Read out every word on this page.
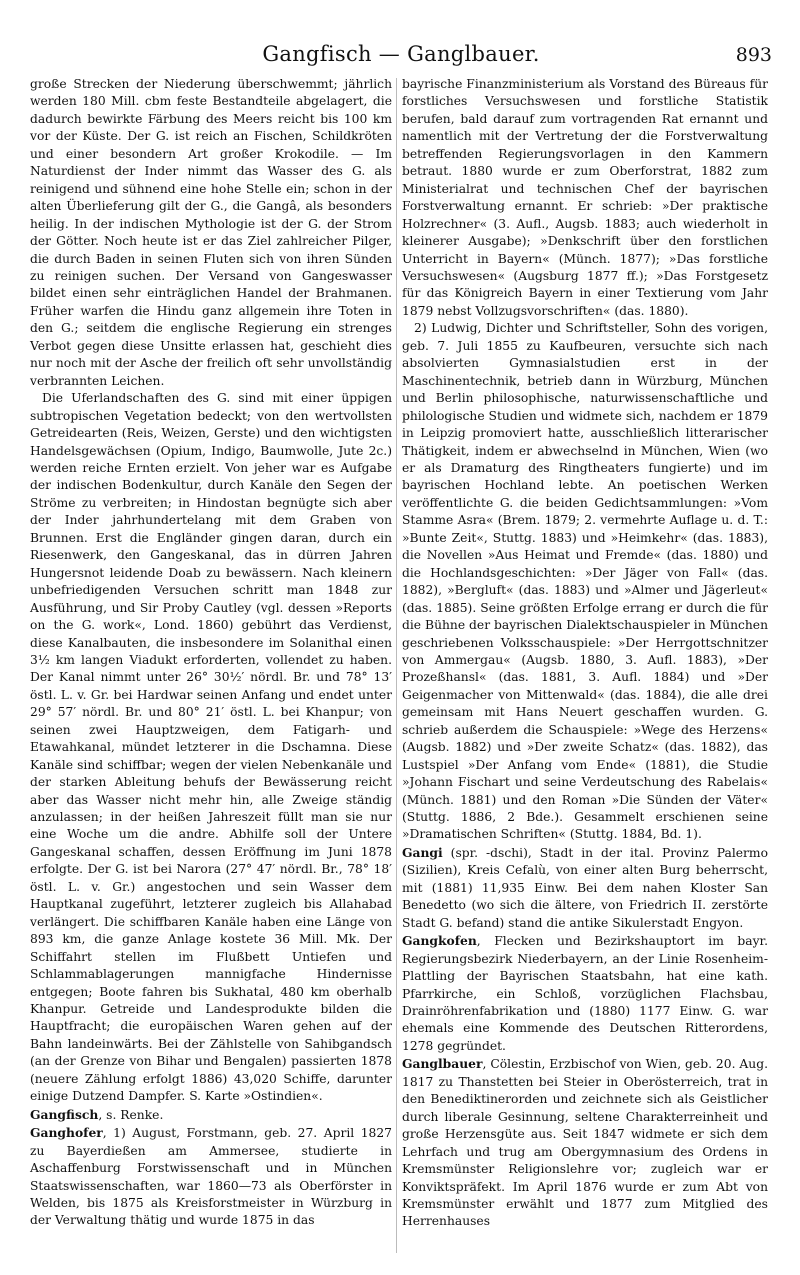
Gangfisch — Ganglbauer.	893

große Strecken der Niederung überschwemmt; jährlich werden 180 Mill. cbm feste Bestandteile abgelagert, die dadurch bewirkte Färbung des Meers reicht bis 100 km vor der Küste. Der G. ist reich an Fischen, Schildkröten und einer besondern Art großer Krokodile. — Im Naturdienst der Inder nimmt das Wasser des G. als reinigend und sühnend eine hohe Stelle ein; schon in der alten Überlieferung gilt der G., die Gangâ, als besonders heilig. In der indischen Mythologie ist der G. der Strom der Götter. Noch heute ist er das Ziel zahlreicher Pilger, die durch Baden in seinen Fluten sich von ihren Sünden zu reinigen suchen. Der Versand von Gangeswasser bildet einen sehr einträglichen Handel der Brahmanen. Früher warfen die Hindu ganz allgemein ihre Toten in den G.; seitdem die englische Regierung ein strenges Verbot gegen diese Unsitte erlassen hat, geschieht dies nur noch mit der Asche der freilich oft sehr unvollständig verbrannten Leichen.

Die Uferlandschaften des G. sind mit einer üppigen subtropischen Vegetation bedeckt; von den wertvollsten Getreidearten (Reis, Weizen, Gerste) und den wichtigsten Handelsgewächsen (Opium, Indigo, Baumwolle, Jute 2c.) werden reiche Ernten erzielt. Von jeher war es Aufgabe der indischen Bodenkultur, durch Kanäle den Segen der Ströme zu verbreiten; in Hindostan begnügte sich aber der Inder jahrhundertelang mit dem Graben von Brunnen. Erst die Engländer gingen daran, durch ein Riesenwerk, den Gangeskanal, das in dürren Jahren Hungersnot leidende Doab zu bewässern. Nach kleinern unbefriedigenden Versuchen schritt man 1848 zur Ausführung, und Sir Proby Cautley (vgl. dessen »Reports on the G. work«, Lond. 1860) gebührt das Verdienst, diese Kanalbauten, die insbesondere im Solanithal einen 3½ km langen Viadukt erforderten, vollendet zu haben. Der Kanal nimmt unter 26° 30½′ nördl. Br. und 78° 13′ östl. L. v. Gr. bei Hardwar seinen Anfang und endet unter 29° 57′ nördl. Br. und 80° 21′ östl. L. bei Khanpur; von seinen zwei Hauptzweigen, dem Fatigarh- und Etawahkanal, mündet letzterer in die Dschamna. Diese Kanäle sind schiffbar; wegen der vielen Nebenkanäle und der starken Ableitung behufs der Bewässerung reicht aber das Wasser nicht mehr hin, alle Zweige ständig anzulassen; in der heißen Jahreszeit füllt man sie nur eine Woche um die andre. Abhilfe soll der Untere Gangeskanal schaffen, dessen Eröffnung im Juni 1878 erfolgte. Der G. ist bei Narora (27° 47′ nördl. Br., 78° 18′ östl. L. v. Gr.) angestochen und sein Wasser dem Hauptkanal zugeführt, letzterer zugleich bis Allahabad verlängert. Die schiffbaren Kanäle haben eine Länge von 893 km, die ganze Anlage kostete 36 Mill. Mk. Der Schiffahrt stellen im Flußbett Untiefen und Schlammablagerungen mannigfache Hindernisse entgegen; Boote fahren bis Sukhatal, 480 km oberhalb Khanpur. Getreide und Landesprodukte bilden die Hauptfracht; die europäischen Waren gehen auf der Bahn landeinwärts. Bei der Zählstelle von Sahibgandsch (an der Grenze von Bihar und Bengalen) passierten 1878 (neuere Zählung erfolgt 1886) 43,020 Schiffe, darunter einige Dutzend Dampfer. S. Karte »Ostindien«.

Gangfisch, s. Renke.

Ganghofer, 1) August, Forstmann, geb. 27. April 1827 zu Bayerdießen am Ammersee, studierte in Aschaffenburg Forstwissenschaft und in München Staatswissenschaften, war 1860—73 als Oberförster in Welden, bis 1875 als Kreisforstmeister in Würzburg in der Verwaltung thätig und wurde 1875 in das

bayrische Finanzministerium als Vorstand des Büreaus für forstliches Versuchswesen und forstliche Statistik berufen, bald darauf zum vortragenden Rat ernannt und namentlich mit der Vertretung der die Forstverwaltung betreffenden Regierungsvorlagen in den Kammern betraut. 1880 wurde er zum Oberforstrat, 1882 zum Ministerialrat und technischen Chef der bayrischen Forstverwaltung ernannt. Er schrieb: »Der praktische Holzrechner« (3. Aufl., Augsb. 1883; auch wiederholt in kleinerer Ausgabe); »Denkschrift über den forstlichen Unterricht in Bayern« (Münch. 1877); »Das forstliche Versuchswesen« (Augsburg 1877 ff.); »Das Forstgesetz für das Königreich Bayern in einer Textierung vom Jahr 1879 nebst Vollzugsvorschriften« (das. 1880).

2) Ludwig, Dichter und Schriftsteller, Sohn des vorigen, geb. 7. Juli 1855 zu Kaufbeuren, versuchte sich nach absolvierten Gymnasialstudien erst in der Maschinentechnik, betrieb dann in Würzburg, München und Berlin philosophische, naturwissenschaftliche und philologische Studien und widmete sich, nachdem er 1879 in Leipzig promoviert hatte, ausschließlich litterarischer Thätigkeit, indem er abwechselnd in München, Wien (wo er als Dramaturg des Ringtheaters fungierte) und im bayrischen Hochland lebte. An poetischen Werken veröffentlichte G. die beiden Gedichtsammlungen: »Vom Stamme Asra« (Brem. 1879; 2. vermehrte Auflage u. d. T.: »Bunte Zeit«, Stuttg. 1883) und »Heimkehr« (das. 1883), die Novellen »Aus Heimat und Fremde« (das. 1880) und die Hochlandsgeschichten: »Der Jäger von Fall« (das. 1882), »Bergluft« (das. 1883) und »Almer und Jägerleut« (das. 1885). Seine größten Erfolge errang er durch die für die Bühne der bayrischen Dialektschauspieler in München geschriebenen Volksschauspiele: »Der Herrgottschnitzer von Ammergau« (Augsb. 1880, 3. Aufl. 1883), »Der Prozeßhansl« (das. 1881, 3. Aufl. 1884) und »Der Geigenmacher von Mittenwald« (das. 1884), die alle drei gemeinsam mit Hans Neuert geschaffen wurden. G. schrieb außerdem die Schauspiele: »Wege des Herzens« (Augsb. 1882) und »Der zweite Schatz« (das. 1882), das Lustspiel »Der Anfang vom Ende« (1881), die Studie »Johann Fischart und seine Verdeutschung des Rabelais« (Münch. 1881) und den Roman »Die Sünden der Väter« (Stuttg. 1886, 2 Bde.). Gesammelt erschienen seine »Dramatischen Schriften« (Stuttg. 1884, Bd. 1).

Gangi (spr. -dschi), Stadt in der ital. Provinz Palermo (Sizilien), Kreis Cefalù, von einer alten Burg beherrscht, mit (1881) 11,935 Einw. Bei dem nahen Kloster San Benedetto (wo sich die ältere, von Friedrich II. zerstörte Stadt G. befand) stand die antike Sikulerstadt Engyon.

Gangkofen, Flecken und Bezirkshauptort im bayr. Regierungsbezirk Niederbayern, an der Linie Rosenheim-Plattling der Bayrischen Staatsbahn, hat eine kath. Pfarrkirche, ein Schloß, vorzüglichen Flachsbau, Drainröhrenfabrikation und (1880) 1177 Einw. G. war ehemals eine Kommende des Deutschen Ritterordens, 1278 gegründet.

Ganglbauer, Cölestin, Erzbischof von Wien, geb. 20. Aug. 1817 zu Thanstetten bei Steier in Oberösterreich, trat in den Benediktinerorden und zeichnete sich als Geistlicher durch liberale Gesinnung, seltene Charakterreinheit und große Herzensgüte aus. Seit 1847 widmete er sich dem Lehrfach und trug am Obergymnasium des Ordens in Kremsmünster Religionslehre vor; zugleich war er Konviktspräfekt. Im April 1876 wurde er zum Abt von Kremsmünster erwählt und 1877 zum Mitglied des Herrenhauses
